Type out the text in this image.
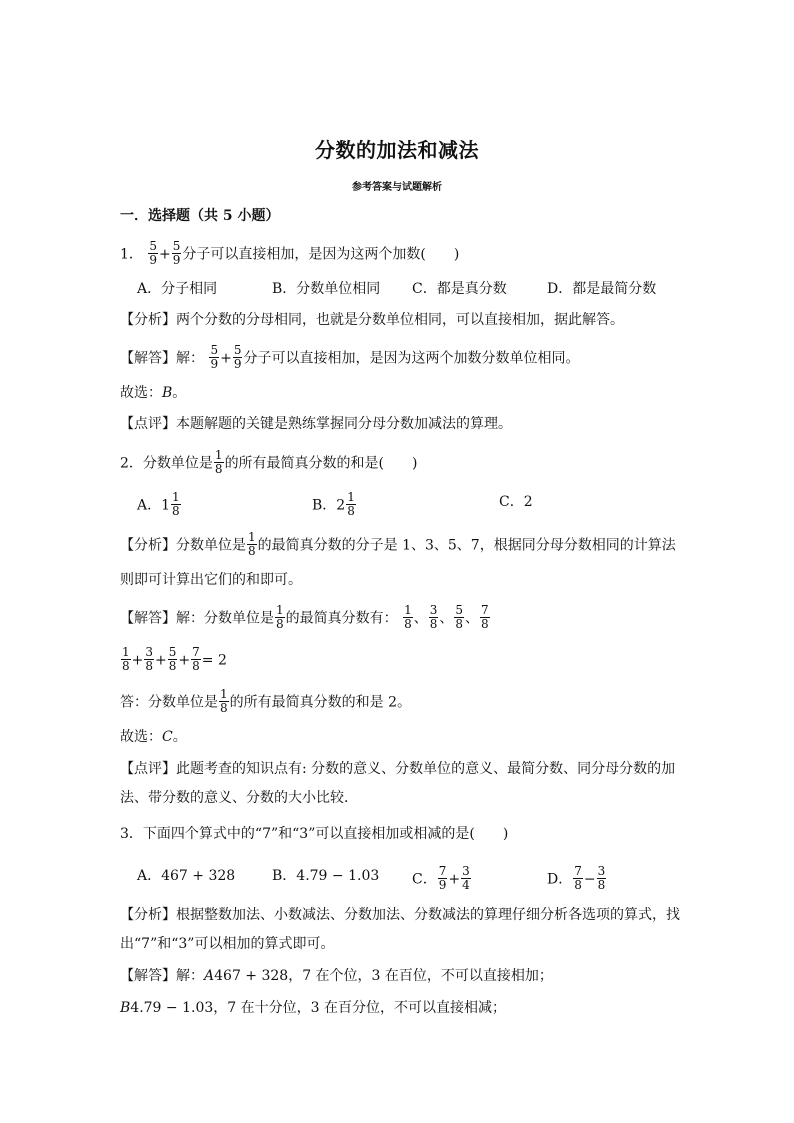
分数的加法和减法
参考答案与试题解析
一．选择题（共 5 小题）
1． $\frac{5}{9} + \frac{5}{9}$ 分子可以直接相加，是因为这两个加数(　　)
A．分子相同	B．分数单位相同 C．都是真分数	D．都是最简分数
【分析】两个分数的分母相同，也就是分数单位相同，可以直接相加，据此解答。
【解答】解： $\frac{5}{9} + \frac{5}{9}$ 分子可以直接相加，是因为这两个加数分数单位相同。
故选：B。
【点评】本题解题的关键是熟练掌握同分母分数加减法的算理。
2．分数单位是 $\frac{1}{8}$ 的所有最简真分数的和是(　　)
A．$1 \frac{1}{8}$	B．$2 \frac{1}{8}$	C．2
【分析】分数单位是 $\frac{1}{8}$ 的最简真分数的分子是 1、3、5、7，根据同分母分数相同的计算法
则即可计算出它们的和即可。
【解答】解：分数单位是 $\frac{1}{8}$ 的最简真分数有： $\frac{1}{8}$ 、 $\frac{3}{8}$ 、 $\frac{5}{8}$ 、 $\frac{7}{8}$
$\frac{1}{8} + \frac{3}{8} + \frac{5}{8} + \frac{7}{8} = 2$
答：分数单位是 $\frac{1}{8}$ 的所有最简真分数的和是 2。
故选：C。
【点评】此题考查的知识点有: 分数的意义、分数单位的意义、最简分数、同分母分数的加
法、带分数的意义、分数的大小比较．
3．下面四个算式中的“7”和“3”可以直接相加或相减的是(　　)
A．467 + 328	B．4.79 − 1.03 C． $\frac{7}{9} + \frac{3}{4}$	D． $\frac{7}{8} - \frac{3}{8}$
【分析】根据整数加法、小数减法、分数加法、分数减法的算理仔细分析各选项的算式，找
出“7”和“3”可以相加的算式即可。
【解答】解：A467 + 328，7 在个位，3 在百位，不可以直接相加；
B4.79 − 1.03，7 在十分位，3 在百分位，不可以直接相减；
